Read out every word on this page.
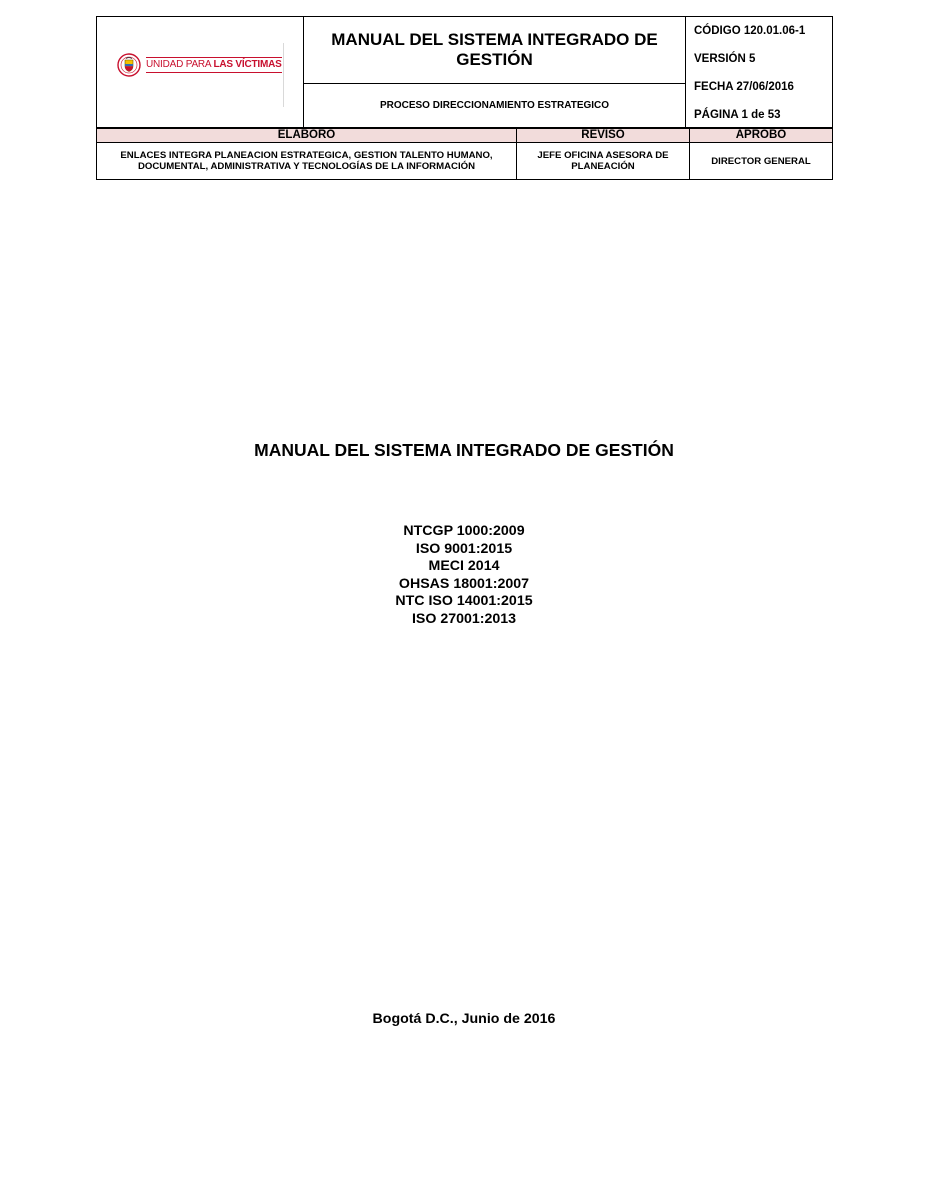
UNIDAD PARA LAS VÍCTIMAS
MANUAL DEL SISTEMA INTEGRADO DE GESTIÓN
PROCESO DIRECCIONAMIENTO ESTRATEGICO
CÓDIGO 120.01.06-1
VERSIÓN 5
FECHA 27/06/2016
PÁGINA 1 de 53
ELABORÓ	REVISÓ	APROBO
ENLACES INTEGRA PLANEACION ESTRATEGICA, GESTION TALENTO HUMANO, DOCUMENTAL, ADMINISTRATIVA Y TECNOLOGÍAS DE LA INFORMACIÓN	JEFE OFICINA ASESORA DE PLANEACIÓN	DIRECTOR GENERAL
MANUAL DEL SISTEMA INTEGRADO DE GESTIÓN
NTCGP 1000:2009
ISO 9001:2015
MECI 2014
OHSAS 18001:2007
NTC ISO 14001:2015
ISO 27001:2013
Bogotá D.C., Junio de 2016
